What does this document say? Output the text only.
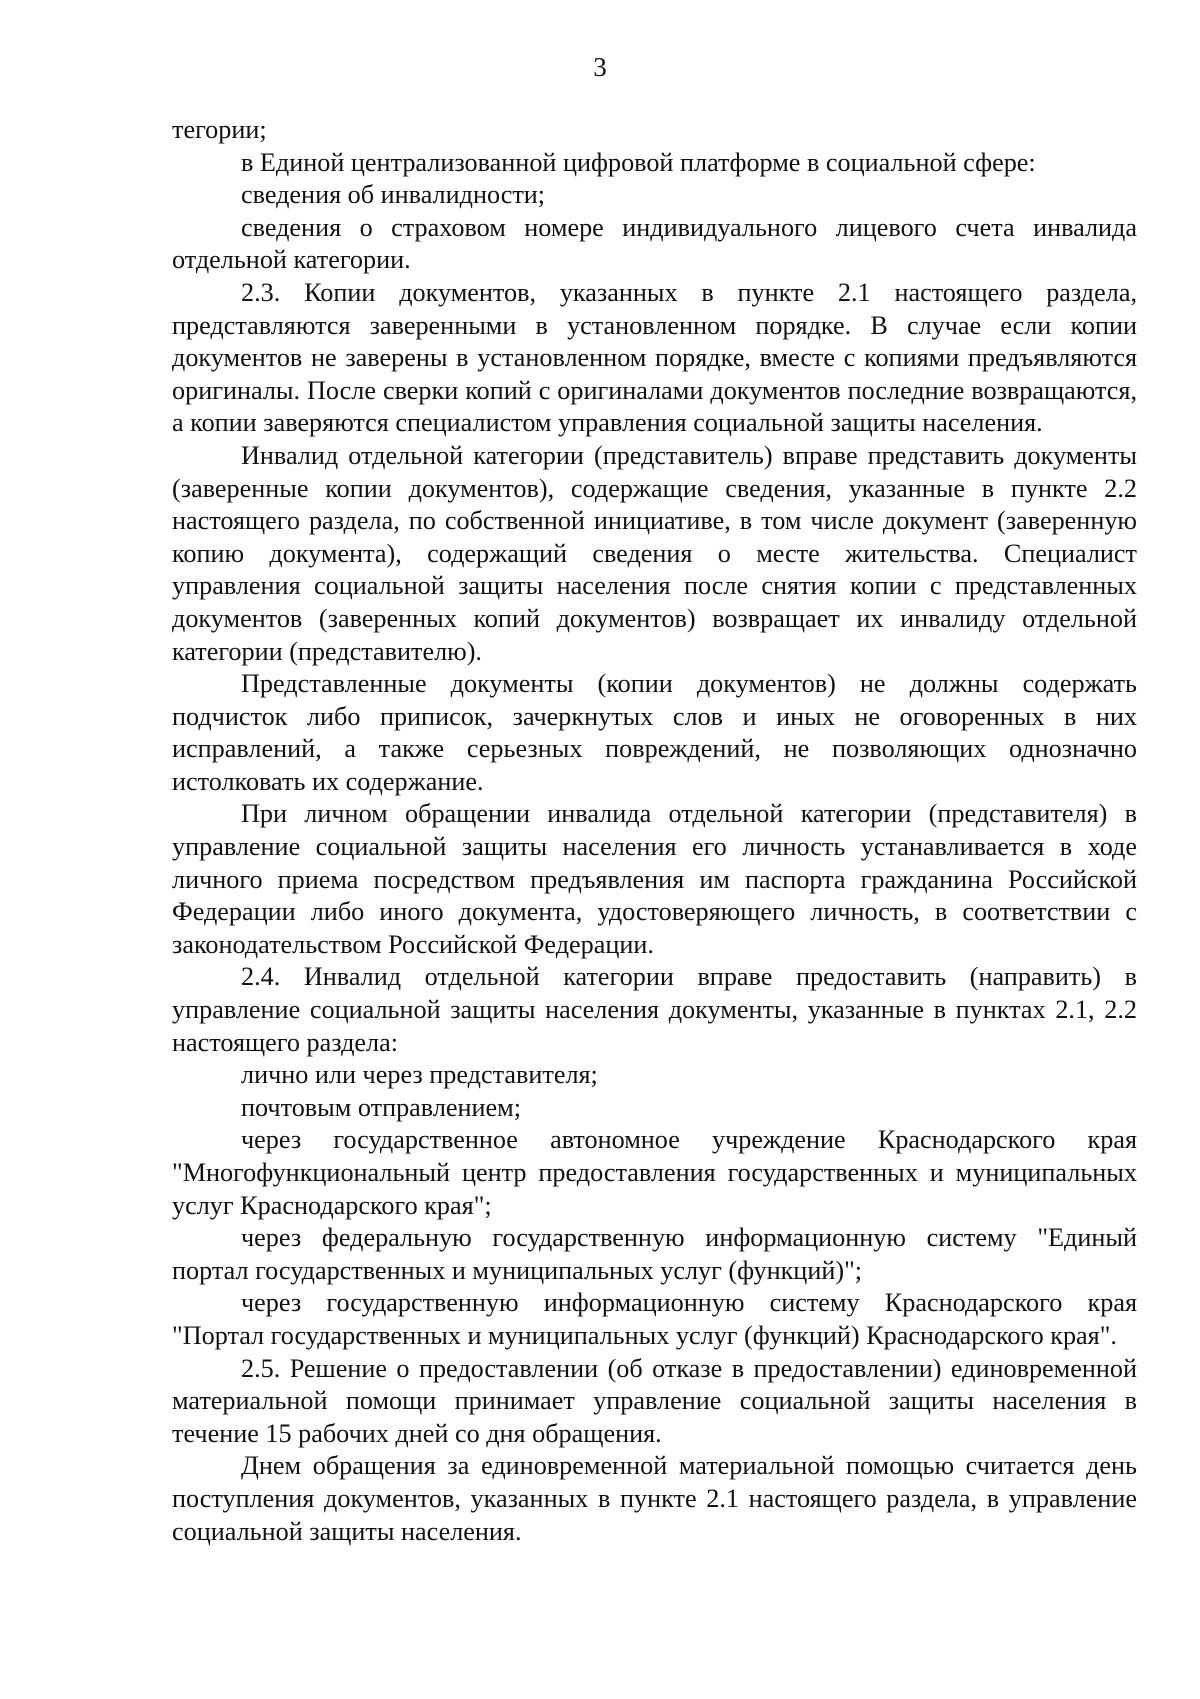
3

тегории;

в Единой централизованной цифровой платформе в социальной сфере:

сведения об инвалидности;

сведения о страховом номере индивидуального лицевого счета инвалида отдельной категории.

2.3. Копии документов, указанных в пункте 2.1 настоящего раздела, представляются заверенными в установленном порядке. В случае если копии документов не заверены в установленном порядке, вместе с копиями предъявляются оригиналы. После сверки копий с оригиналами документов последние возвращаются, а копии заверяются специалистом управления социальной защиты населения.

Инвалид отдельной категории (представитель) вправе представить документы (заверенные копии документов), содержащие сведения, указанные в пункте 2.2 настоящего раздела, по собственной инициативе, в том числе документ (заверенную копию документа), содержащий сведения о месте жительства. Специалист управления социальной защиты населения после снятия копии с представленных документов (заверенных копий документов) возвращает их инвалиду отдельной категории (представителю).

Представленные документы (копии документов) не должны содержать подчисток либо приписок, зачеркнутых слов и иных не оговоренных в них исправлений, а также серьезных повреждений, не позволяющих однозначно истолковать их содержание.

При личном обращении инвалида отдельной категории (представителя) в управление социальной защиты населения его личность устанавливается в ходе личного приема посредством предъявления им паспорта гражданина Российской Федерации либо иного документа, удостоверяющего личность, в соответствии с законодательством Российской Федерации.

2.4. Инвалид отдельной категории вправе предоставить (направить) в управление социальной защиты населения документы, указанные в пунктах 2.1, 2.2 настоящего раздела:

лично или через представителя;

почтовым отправлением;

через государственное автономное учреждение Краснодарского края "Многофункциональный центр предоставления государственных и муниципальных услуг Краснодарского края";

через федеральную государственную информационную систему "Единый портал государственных и муниципальных услуг (функций)";

через государственную информационную систему Краснодарского края "Портал государственных и муниципальных услуг (функций) Краснодарского края".

2.5. Решение о предоставлении (об отказе в предоставлении) единовременной материальной помощи принимает управление социальной защиты населения в течение 15 рабочих дней со дня обращения.

Днем обращения за единовременной материальной помощью считается день поступления документов, указанных в пункте 2.1 настоящего раздела, в управление социальной защиты населения.
